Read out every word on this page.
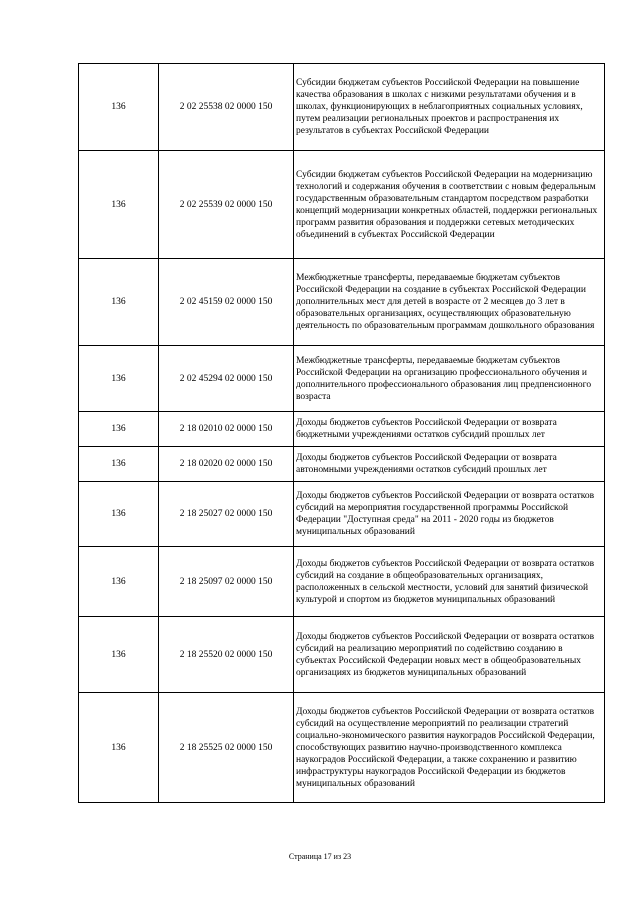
136	2 02 25538 02 0000 150	Субсидии бюджетам субъектов Российской Федерации на повышение качества образования в школах с низкими результатами обучения и в школах, функционирующих в неблагоприятных социальных условиях, путем реализации региональных проектов и распространения их результатов в субъектах Российской Федерации
136	2 02 25539 02 0000 150	Субсидии бюджетам субъектов Российской Федерации на модернизацию технологий и содержания обучения в соответствии с новым федеральным государственным образовательным стандартом посредством разработки концепций модернизации конкретных областей, поддержки региональных программ развития образования и поддержки сетевых методических объединений в субъектах Российской Федерации
136	2 02 45159 02 0000 150	Межбюджетные трансферты, передаваемые бюджетам субъектов Российской Федерации на создание в субъектах Российской Федерации дополнительных мест для детей в возрасте от 2 месяцев до 3 лет в образовательных организациях, осуществляющих образовательную деятельность по образовательным программам дошкольного образования
136	2 02 45294 02 0000 150	Межбюджетные трансферты, передаваемые бюджетам субъектов Российской Федерации на организацию профессионального обучения и дополнительного профессионального образования лиц предпенсионного возраста
136	2 18 02010 02 0000 150	Доходы бюджетов субъектов Российской Федерации от возврата бюджетными учреждениями остатков субсидий прошлых лет
136	2 18 02020 02 0000 150	Доходы бюджетов субъектов Российской Федерации от возврата автономными учреждениями остатков субсидий прошлых лет
136	2 18 25027 02 0000 150	Доходы бюджетов субъектов Российской Федерации от возврата остатков субсидий на мероприятия государственной программы Российской Федерации "Доступная среда" на 2011 - 2020 годы из бюджетов муниципальных образований
136	2 18 25097 02 0000 150	Доходы бюджетов субъектов Российской Федерации от возврата остатков субсидий на создание в общеобразовательных организациях, расположенных в сельской местности, условий для занятий физической культурой и спортом из бюджетов муниципальных образований
136	2 18 25520 02 0000 150	Доходы бюджетов субъектов Российской Федерации от возврата остатков субсидий на реализацию мероприятий по содействию созданию в субъектах Российской Федерации новых мест в общеобразовательных организациях из бюджетов муниципальных образований
136	2 18 25525 02 0000 150	Доходы бюджетов субъектов Российской Федерации от возврата остатков субсидий на осуществление мероприятий по реализации стратегий социально-экономического развития наукоградов Российской Федерации, способствующих развитию научно-производственного комплекса наукоградов Российской Федерации, а также сохранению и развитию инфраструктуры наукоградов Российской Федерации из бюджетов муниципальных образований
Страница 17 из 23
